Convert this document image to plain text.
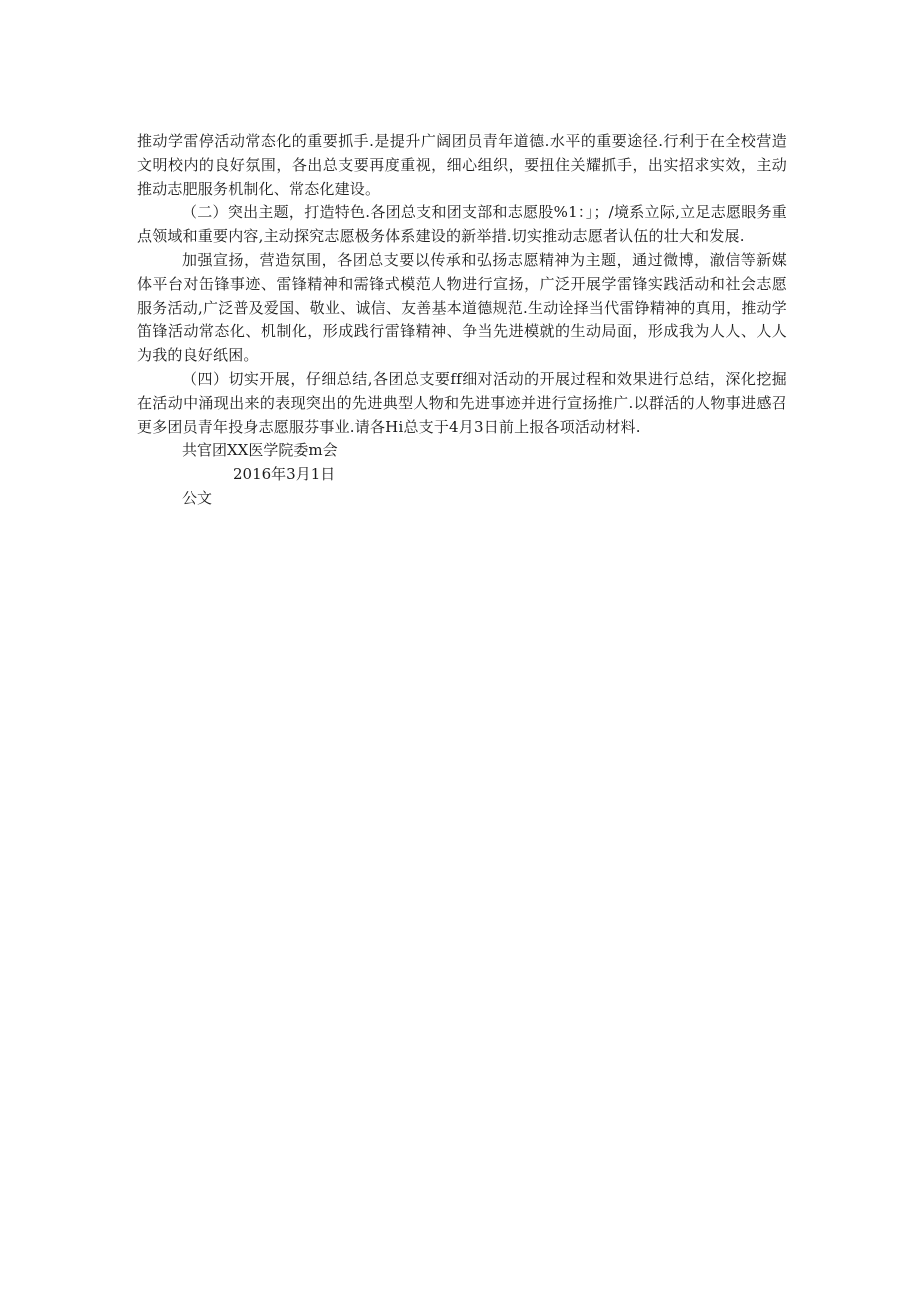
推动学雷停活动常态化的重要抓手.是提升广阔团员青年道德.水平的重要途径.行利于在全校营造文明校内的良好氛围，各出总支要再度重视，细心组织，要扭住关耀抓手，出实招求实效，主动推动志肥服务机制化、常态化建设。

（二）突出主题，打造特色.各团总支和团支部和志愿股%1：」；/境系立际,立足志愿眼务重点领域和重要内容,主动探究志愿极务体系建设的新举措.切实推动志愿者认伍的壮大和发展.

加强宣扬，营造氛围，各团总支要以传承和弘扬志愿精神为主题，通过微博，澈信等新媒体平台对缶锋事迹、雷锋精神和需锋式模范人物进行宣扬，广泛开展学雷锋实践活动和社会志愿服务活动,广泛普及爱国、敬业、诚信、友善基本道德规范.生动诠择当代雷铮精神的真用，推动学笛锋活动常态化、机制化，形成践行雷锋精神、争当先进模就的生动局面，形成我为人人、人人为我的良好纸困。

（四）切实开展，仔细总结,各团总支要ff细对活动的开展过程和效果进行总结，深化挖掘在活动中涌现出来的表现突出的先进典型人物和先进事迹并进行宣扬推广.以群活的人物事进感召更多团员青年投身志愿服芬事业.请各Hi总支于4月3日前上报各项活动材料.

共官团XX医学院委m会

2016年3月1日

公文
